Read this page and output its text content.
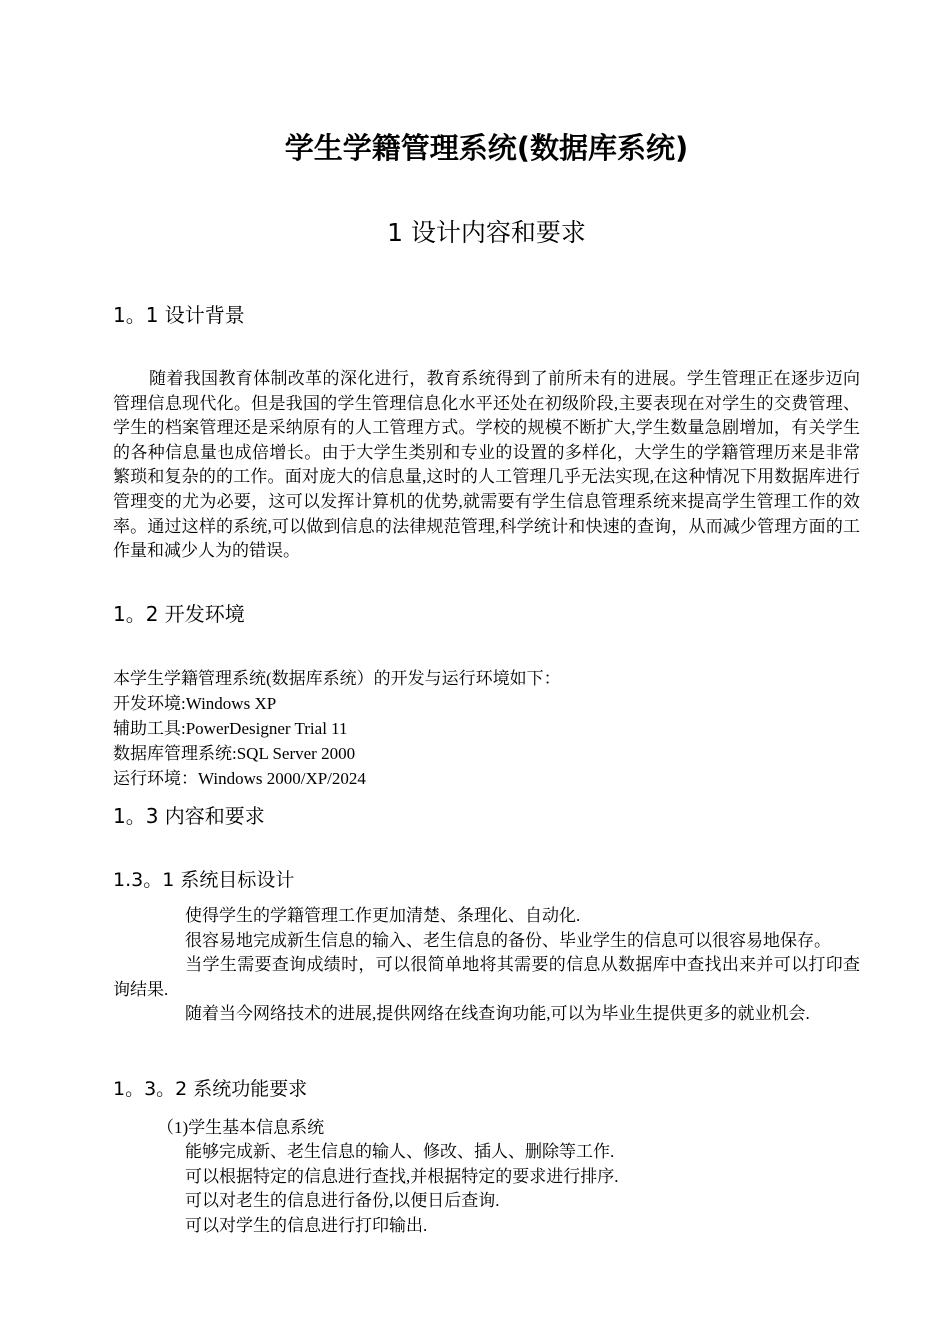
学生学籍管理系统(数据库系统)
1 设计内容和要求
1。1 设计背景

随着我国教育体制改革的深化进行，教育系统得到了前所未有的进展。学生管理正在逐步迈向管理信息现代化。但是我国的学生管理信息化水平还处在初级阶段,主要表现在对学生的交费管理、学生的档案管理还是采纳原有的人工管理方式。学校的规模不断扩大,学生数量急剧增加，有关学生的各种信息量也成倍增长。由于大学生类别和专业的设置的多样化，大学生的学籍管理历来是非常繁琐和复杂的的工作。面对庞大的信息量,这时的人工管理几乎无法实现,在这种情况下用数据库进行管理变的尤为必要，这可以发挥计算机的优势,就需要有学生信息管理系统来提高学生管理工作的效率。通过这样的系统,可以做到信息的法律规范管理,科学统计和快速的查询，从而减少管理方面的工作量和减少人为的错误。

1。2 开发环境
本学生学籍管理系统(数据库系统）的开发与运行环境如下：
开发环境:Windows XP
辅助工具:PowerDesigner Trial 11
数据库管理系统:SQL Server 2000
运行环境：Windows 2000/XP/2024
1。3 内容和要求
1.3。1 系统目标设计
使得学生的学籍管理工作更加清楚、条理化、自动化.
很容易地完成新生信息的输入、老生信息的备份、毕业学生的信息可以很容易地保存。
当学生需要查询成绩时，可以很简单地将其需要的信息从数据库中查找出来并可以打印查询结果.
随着当今网络技术的进展,提供网络在线查询功能,可以为毕业生提供更多的就业机会.
1。3。2 系统功能要求

（1)学生基本信息系统

能够完成新、老生信息的输人、修改、插人、删除等工作.
可以根据特定的信息进行查找,并根据特定的要求进行排序.
可以对老生的信息进行备份,以便日后查询.
可以对学生的信息进行打印输出.
